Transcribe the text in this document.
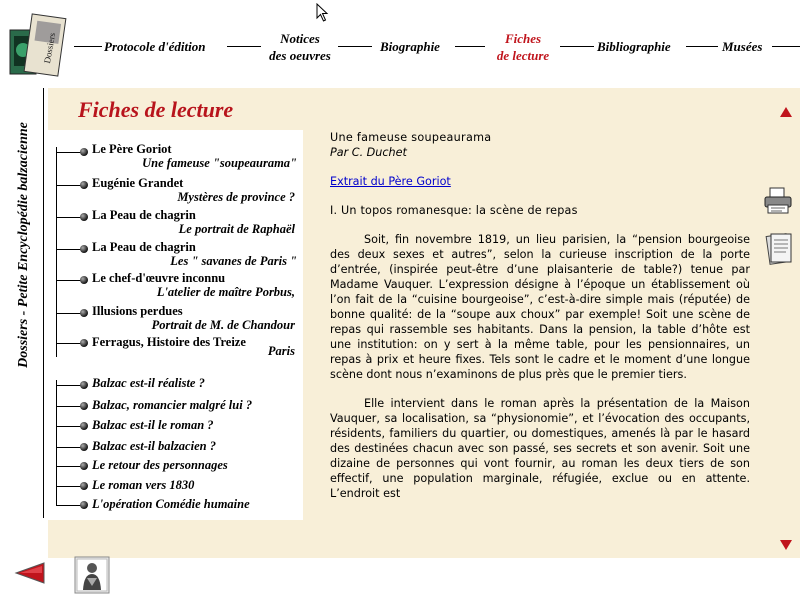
Dossiers	Protocole d'édition
Notices
des oeuvres
Biographie
Fiches
de lecture
Bibliographie	Musées
Dossiers - Petite Encyclopédie balzacienne
Fiches de lecture
Le Père Goriot
Une fameuse "soupeaurama"
Eugénie Grandet
Mystères de province ?
La Peau de chagrin
Le portrait de Raphaël
La Peau de chagrin
Les " savanes de Paris "
Le chef-d'œuvre inconnu
L'atelier de maître Porbus,
Illusions perdues
Portrait de M. de Chandour
Ferragus, Histoire des Treize
Paris
Balzac est-il réaliste ?
Balzac, romancier malgré lui ?
Balzac est-il le roman ?
Balzac est-il balzacien ?
Le retour des personnages
Le roman vers 1830
L'opération Comédie humaine
Une fameuse soupeaurama
Par C. Duchet
Extrait du Père Goriot
I. Un topos romanesque: la scène de repas

Soit, fin novembre 1819, un lieu parisien, la “pension bourgeoise des deux sexes et autres”, selon la curieuse inscription de la porte d’entrée, (inspirée peut-être d’une plaisanterie de table?) tenue par Madame Vauquer. L’expression désigne à l’époque un établissement où l’on fait de la “cuisine bourgeoise”, c’est-à-dire simple mais (réputée) de bonne qualité: de la “soupe aux choux” par exemple! Soit une scène de repas qui rassemble ses habitants. Dans la pension, la table d’hôte est une institution: on y sert à la même table, pour les pensionnaires, un repas à prix et heure fixes. Tels sont le cadre et le moment d’une longue scène dont nous n’examinons de plus près que le premier tiers.

Elle intervient dans le roman après la présentation de la Maison Vauquer, sa localisation, sa “physionomie”, et l’évocation des occupants, résidents, familiers du quartier, ou domestiques, amenés là par le hasard des destinées chacun avec son passé, ses secrets et son avenir. Soit une dizaine de personnes qui vont fournir, au roman les deux tiers de son effectif, une population marginale, réfugiée, exclue ou en attente. L’endroit est
